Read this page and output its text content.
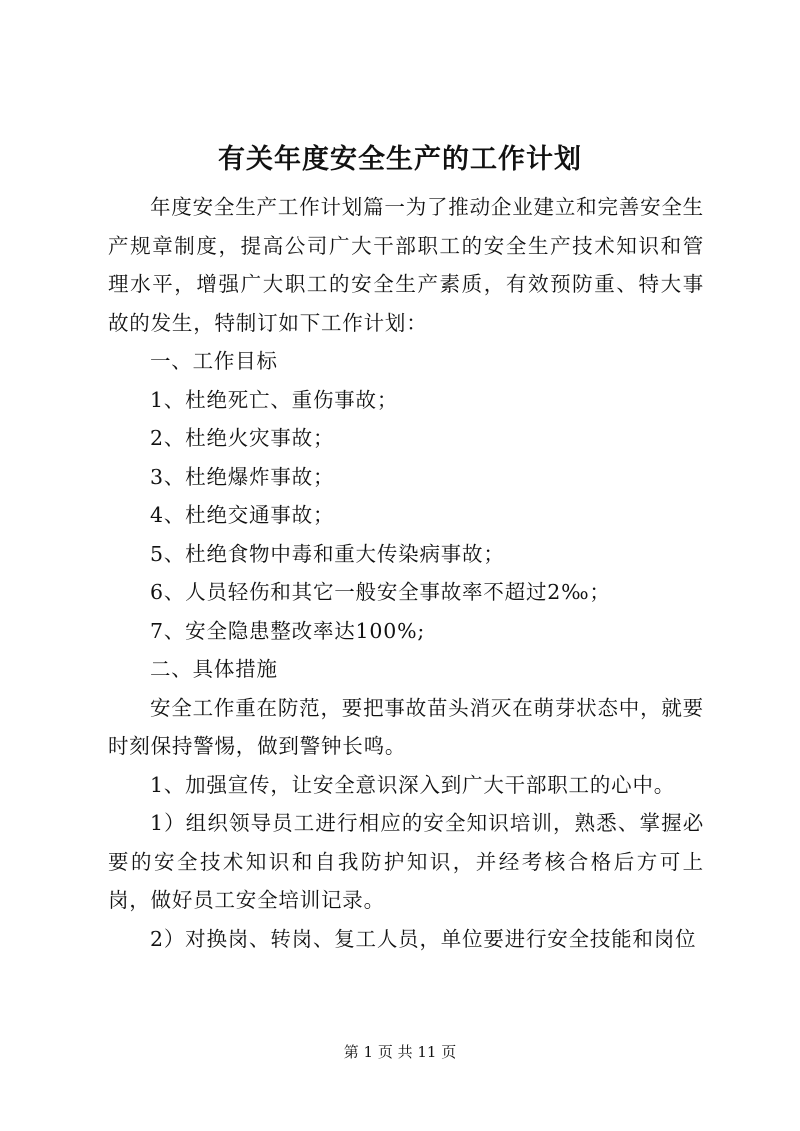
有关年度安全生产的工作计划

年度安全生产工作计划篇一为了推动企业建立和完善安全生产规章制度，提高公司广大干部职工的安全生产技术知识和管理水平，增强广大职工的安全生产素质，有效预防重、特大事故的发生，特制订如下工作计划：

一、工作目标

1、杜绝死亡、重伤事故；

2、杜绝火灾事故；

3、杜绝爆炸事故；

4、杜绝交通事故；

5、杜绝食物中毒和重大传染病事故；

6、人员轻伤和其它一般安全事故率不超过2‰；

7、安全隐患整改率达100%;

二、具体措施

安全工作重在防范，要把事故苗头消灭在萌芽状态中，就要时刻保持警惕，做到警钟长鸣。

1、加强宣传，让安全意识深入到广大干部职工的心中。

1）组织领导员工进行相应的安全知识培训，熟悉、掌握必要的安全技术知识和自我防护知识，并经考核合格后方可上岗，做好员工安全培训记录。

2）对换岗、转岗、复工人员，单位要进行安全技能和岗位

第 1 页 共 11 页
